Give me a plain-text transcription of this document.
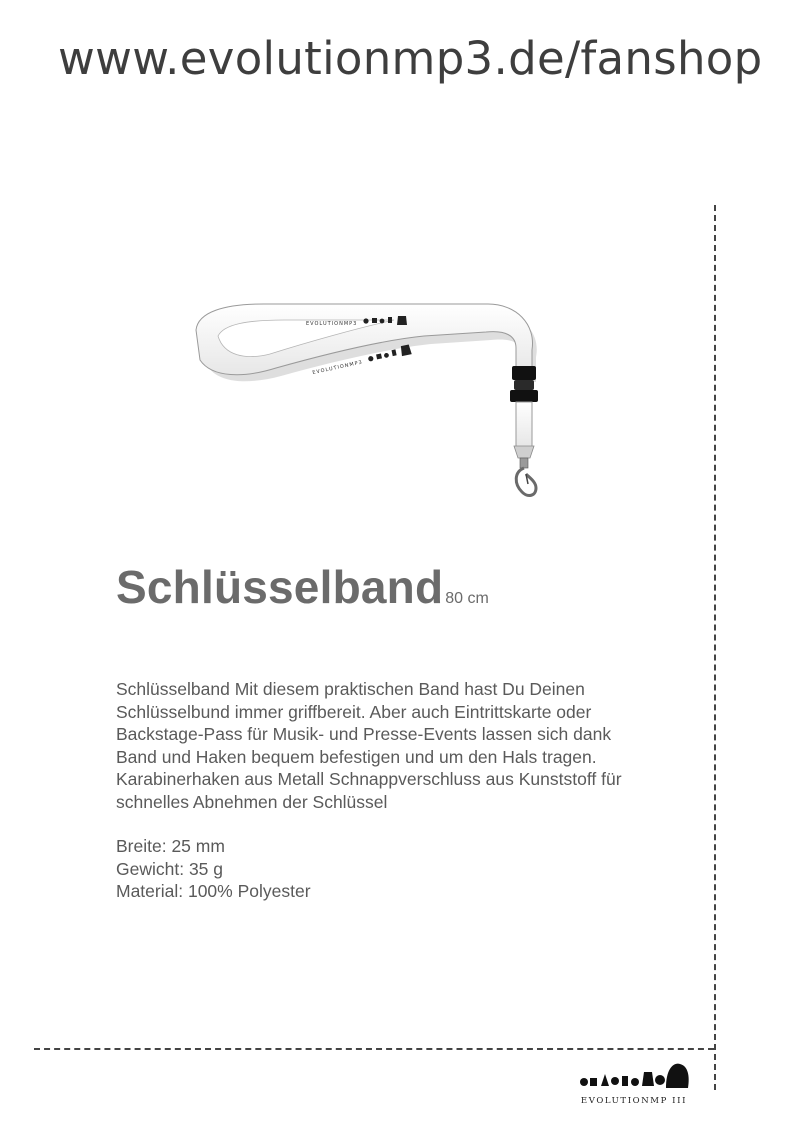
www.evolutionmp3.de/fanshop
EVOLUTIONMP3
EVOLUTIONMP3
Schlüsselband 80 cm

Schlüsselband Mit diesem praktischen Band hast Du Deinen Schlüsselbund immer griffbereit. Aber auch Eintrittskarte oder Backstage-Pass für Musik- und Presse-Events lassen sich dank Band und Haken bequem befestigen und um den Hals tragen. Karabinerhaken aus Metall Schnappverschluss aus Kunststoff für schnelles Abnehmen der Schlüssel

Breite: 25 mm
Gewicht: 35 g
Material: 100% Polyester
EVOLUTIONMP III
